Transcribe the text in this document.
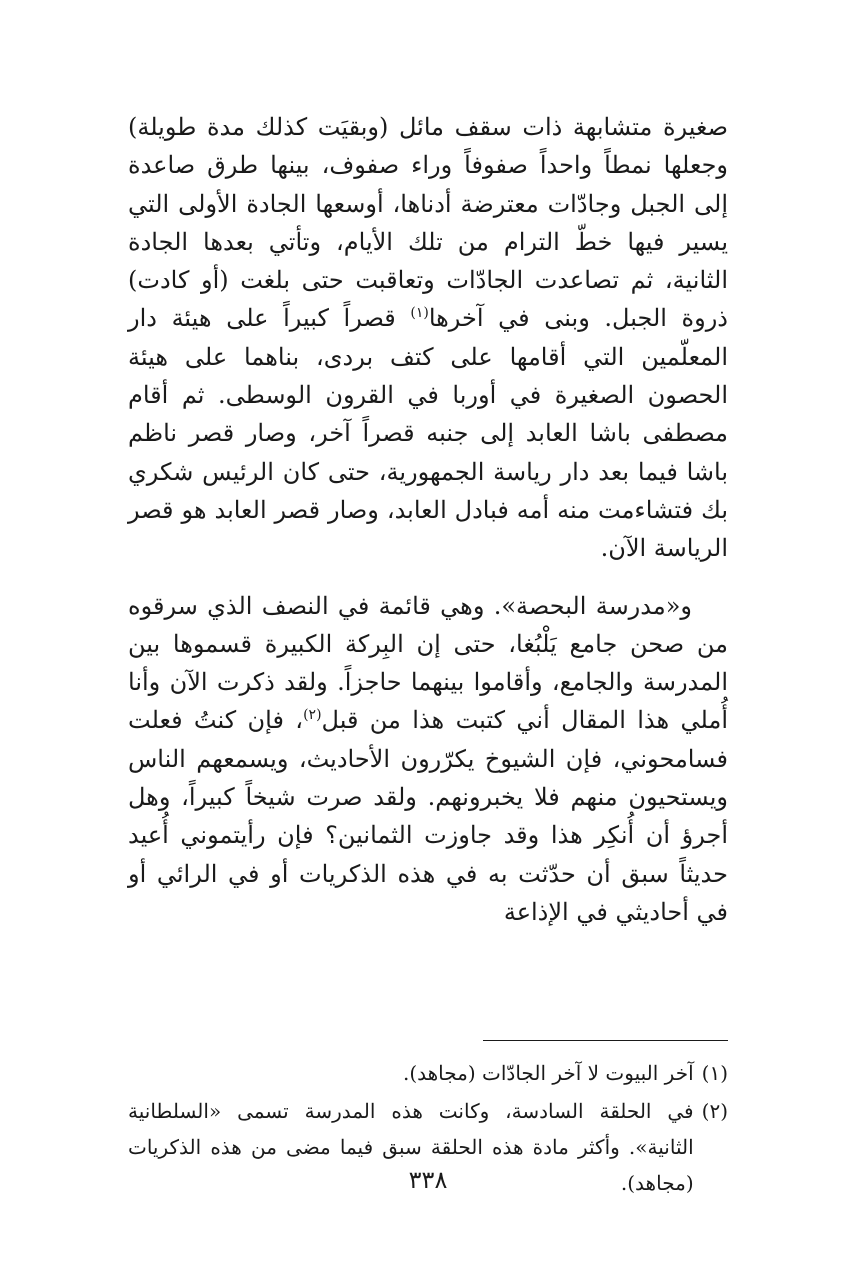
صغيرة متشابهة ذات سقف مائل (وبقيَت كذلك مدة طويلة) وجعلها نمطاً واحداً صفوفاً وراء صفوف، بينها طرق صاعدة إلى الجبل وجادّات معترضة أدناها، أوسعها الجادة الأولى التي يسير فيها خطّ الترام من تلك الأيام، وتأتي بعدها الجادة الثانية، ثم تصاعدت الجادّات وتعاقبت حتى بلغت (أو كادت) ذروة الجبل. وبنى في آخرها$^{(١)}$ قصراً كبيراً على هيئة دار المعلّمين التي أقامها على كتف بردى، بناهما على هيئة الحصون الصغيرة في أوربا في القرون الوسطى. ثم أقام مصطفى باشا العابد إلى جنبه قصراً آخر، وصار قصر ناظم باشا فيما بعد دار رياسة الجمهورية، حتى كان الرئيس شكري بك فتشاءمت منه أمه فبادل العابد، وصار قصر العابد هو قصر الرياسة الآن.

و«مدرسة البحصة». وهي قائمة في النصف الذي سرقوه من صحن جامع يَلْبُغا، حتى إن البِركة الكبيرة قسموها بين المدرسة والجامع، وأقاموا بينهما حاجزاً. ولقد ذكرت الآن وأنا أُملي هذا المقال أني كتبت هذا من قبل$^{(٢)}$، فإن كنتُ فعلت فسامحوني، فإن الشيوخ يكرّرون الأحاديث، ويسمعهم الناس ويستحيون منهم فلا يخبرونهم. ولقد صرت شيخاً كبيراً، وهل أجرؤ أن أُنكِر هذا وقد جاوزت الثمانين؟ فإن رأيتموني أُعيد حديثاً سبق أن حدّثت به في هذه الذكريات أو في الرائي أو في أحاديثي في الإذاعة

(١)
آخر البيوت لا آخر الجادّات (مجاهد).
(٢)
في الحلقة السادسة، وكانت هذه المدرسة تسمى «السلطانية الثانية». وأكثر مادة هذه الحلقة سبق فيما مضى من هذه الذكريات (مجاهد).
٣٣٨
